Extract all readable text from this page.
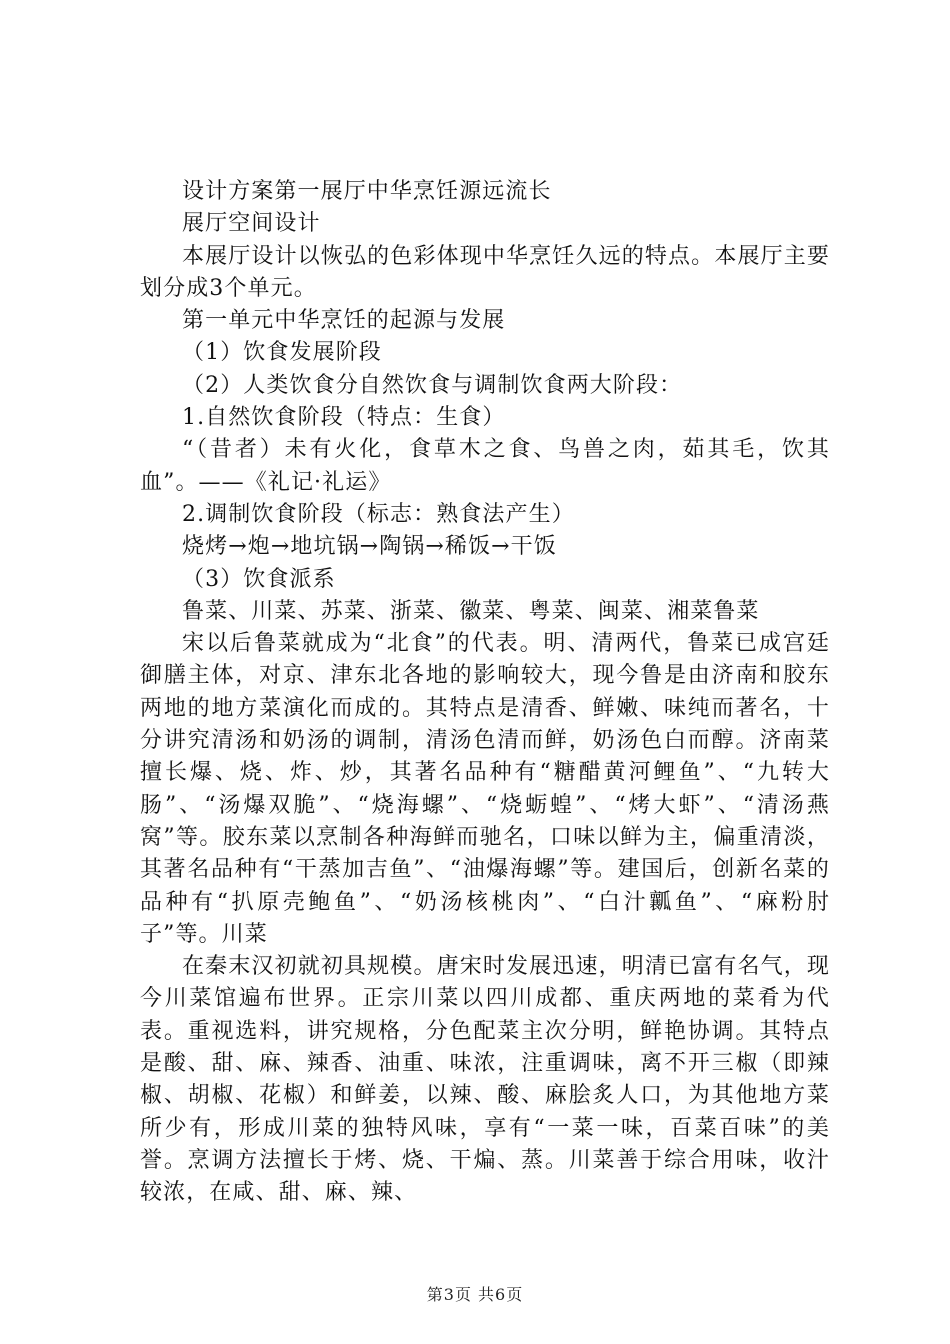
设计方案第一展厅中华烹饪源远流长

展厅空间设计

本展厅设计以恢弘的色彩体现中华烹饪久远的特点。本展厅主要划分成3个单元。

第一单元中华烹饪的起源与发展

（1）饮食发展阶段

（2）人类饮食分自然饮食与调制饮食两大阶段：

1.自然饮食阶段（特点：生食）

“（昔者）未有火化，食草木之食、鸟兽之肉，茹其毛，饮其血”。——《礼记·礼运》

2.调制饮食阶段（标志：熟食法产生）

烧烤→炮→地坑锅→陶锅→稀饭→干饭

（3）饮食派系

鲁菜、川菜、苏菜、浙菜、徽菜、粤菜、闽菜、湘菜鲁菜

宋以后鲁菜就成为“北食”的代表。明、清两代，鲁菜已成宫廷御膳主体，对京、津东北各地的影响较大，现今鲁是由济南和胶东两地的地方菜演化而成的。其特点是清香、鲜嫩、味纯而著名，十分讲究清汤和奶汤的调制，清汤色清而鲜，奶汤色白而醇。济南菜擅长爆、烧、炸、炒，其著名品种有“糖醋黄河鲤鱼”、“九转大肠”、“汤爆双脆”、“烧海螺”、“烧蛎蝗”、“烤大虾”、“清汤燕窝”等。胶东菜以烹制各种海鲜而驰名，口味以鲜为主，偏重清淡，其著名品种有“干蒸加吉鱼”、“油爆海螺”等。建国后，创新名菜的品种有“扒原壳鲍鱼”、“奶汤核桃肉”、“白汁瓤鱼”、“麻粉肘子”等。川菜

在秦末汉初就初具规模。唐宋时发展迅速，明清已富有名气，现今川菜馆遍布世界。正宗川菜以四川成都、重庆两地的菜肴为代表。重视选料，讲究规格，分色配菜主次分明，鲜艳协调。其特点是酸、甜、麻、辣香、油重、味浓，注重调味，离不开三椒（即辣椒、胡椒、花椒）和鲜姜，以辣、酸、麻脍炙人口，为其他地方菜所少有，形成川菜的独特风味，享有“一菜一味，百菜百味”的美誉。烹调方法擅长于烤、烧、干煸、蒸。川菜善于综合用味，收汁较浓，在咸、甜、麻、辣、

第3页 共6页
